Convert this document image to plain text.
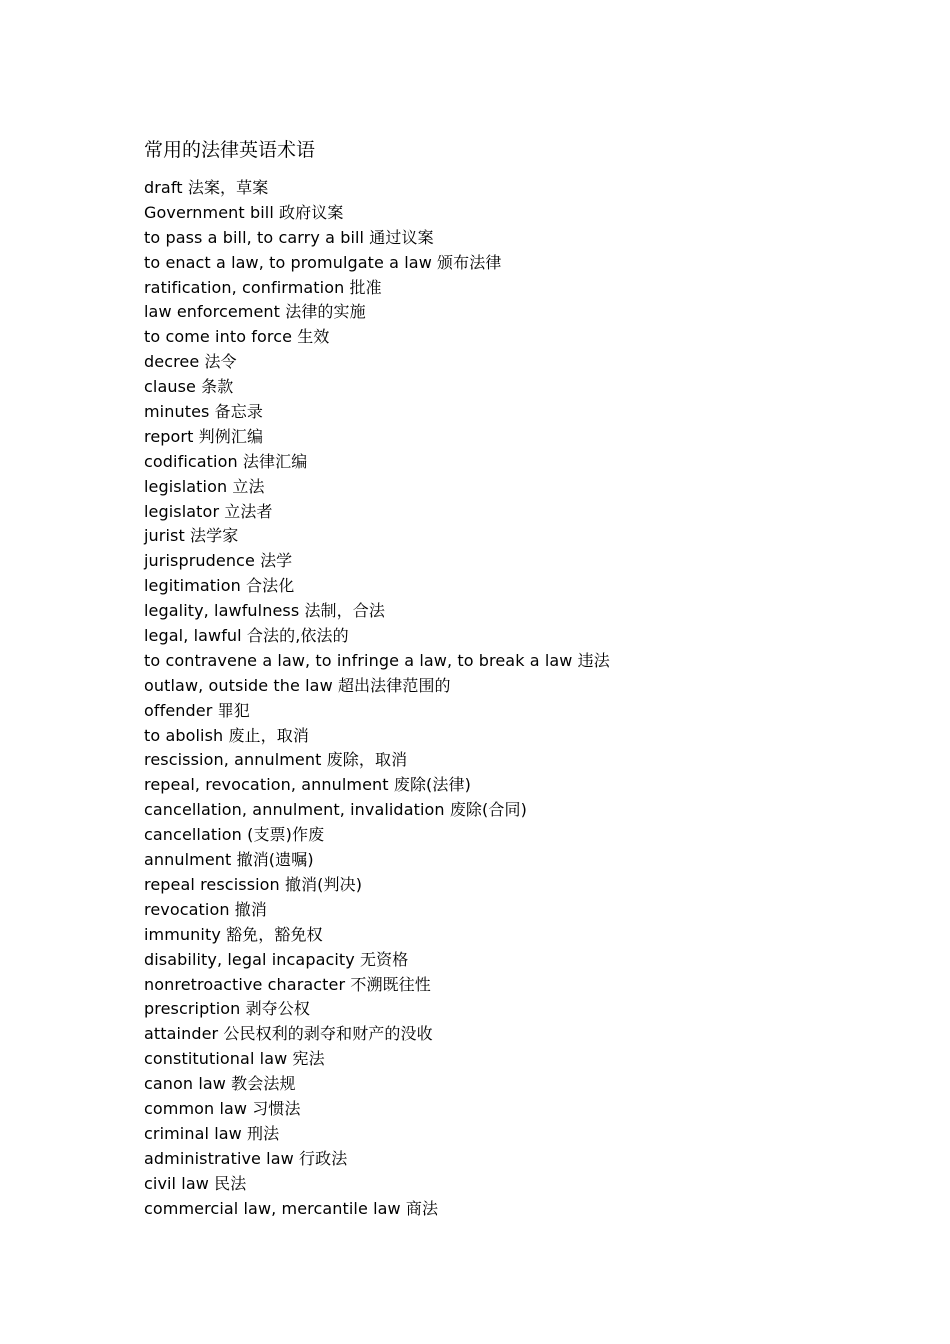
常用的法律英语术语
draft 法案，草案
Government bill 政府议案
to pass a bill, to carry a bill 通过议案
to enact a law, to promulgate a law 颁布法律
ratification, confirmation 批准
law enforcement 法律的实施
to come into force 生效
decree 法令
clause 条款
minutes 备忘录
report 判例汇编
codification 法律汇编
legislation 立法
legislator 立法者
jurist 法学家
jurisprudence 法学
legitimation 合法化
legality, lawfulness 法制，合法
legal, lawful 合法的,依法的
to contravene a law, to infringe a law, to break a law 违法
outlaw, outside the law 超出法律范围的
offender 罪犯
to abolish 废止，取消
rescission, annulment 废除，取消
repeal, revocation, annulment 废除(法律)
cancellation, annulment, invalidation 废除(合同)
cancellation (支票)作废
annulment 撤消(遗嘱)
repeal rescission 撤消(判决)
revocation 撤消
immunity 豁免，豁免权
disability, legal incapacity 无资格
nonretroactive character 不溯既往性
prescription 剥夺公权
attainder 公民权利的剥夺和财产的没收
constitutional law 宪法
canon law 教会法规
common law 习惯法
criminal law 刑法
administrative law 行政法
civil law 民法
commercial law, mercantile law 商法
